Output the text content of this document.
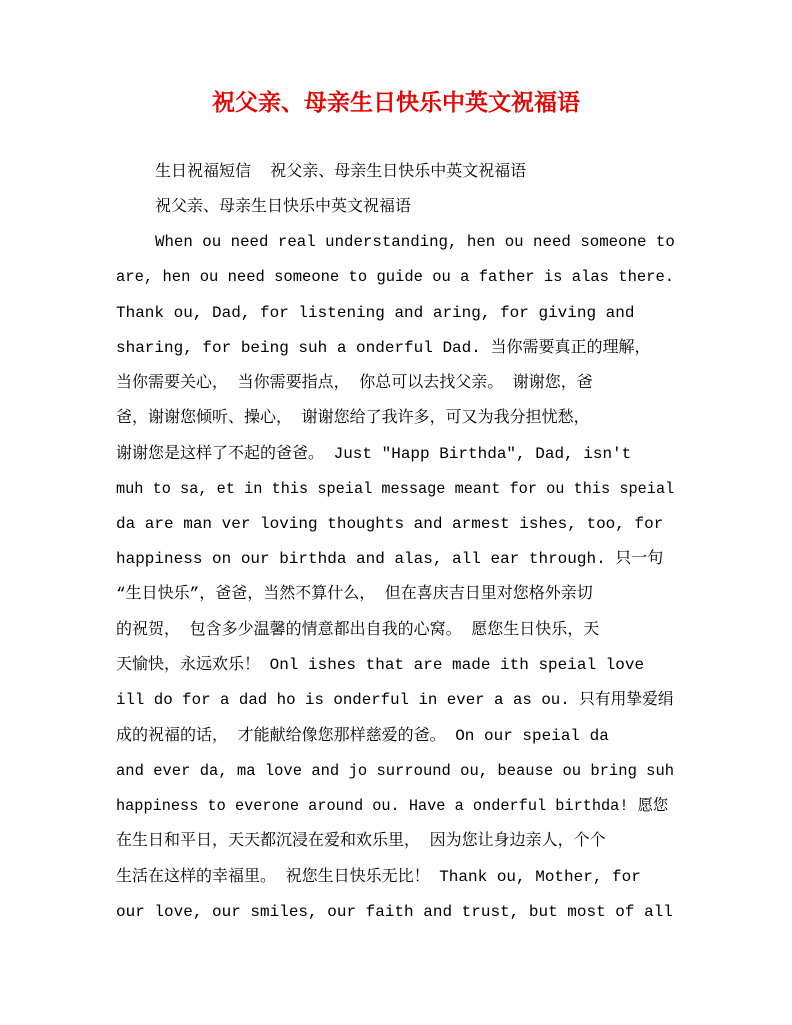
祝父亲、母亲生日快乐中英文祝福语
生日祝福短信  祝父亲、母亲生日快乐中英文祝福语
祝父亲、母亲生日快乐中英文祝福语
When ou need real understanding, hen ou need someone to
are, hen ou need someone to guide ou a father is alas there.
Thank ou, Dad, for listening and aring, for giving and
sharing, for being suh a onderful Dad. 当你需要真正的理解，
当你需要关心， 当你需要指点， 你总可以去找父亲。 谢谢您，爸
爸，谢谢您倾听、操心， 谢谢您给了我许多，可又为我分担忧愁，
谢谢您是这样了不起的爸爸。 Just "Happ Birthda", Dad, isn't
muh to sa, et in this speial message meant for ou this speial
da are man ver loving thoughts and armest ishes, too, for
happiness on our birthda and alas, all ear through. 只一句
“生日快乐”，爸爸，当然不算什么， 但在喜庆吉日里对您格外亲切
的祝贺， 包含多少温馨的情意都出自我的心窝。 愿您生日快乐，天
天愉快，永远欢乐！ Onl ishes that are made ith speial love
ill do for a dad ho is onderful in ever a as ou. 只有用挚爱绢
成的祝福的话， 才能献给像您那样慈爱的爸。 On our speial da
and ever da, ma love and jo surround ou, beause ou bring suh
happiness to everone around ou. Have a onderful birthda! 愿您
在生日和平日，天天都沉浸在爱和欢乐里， 因为您让身边亲人，个个
生活在这样的幸福里。 祝您生日快乐无比！ Thank ou, Mother, for
our love, our smiles, our faith and trust, but most of all
